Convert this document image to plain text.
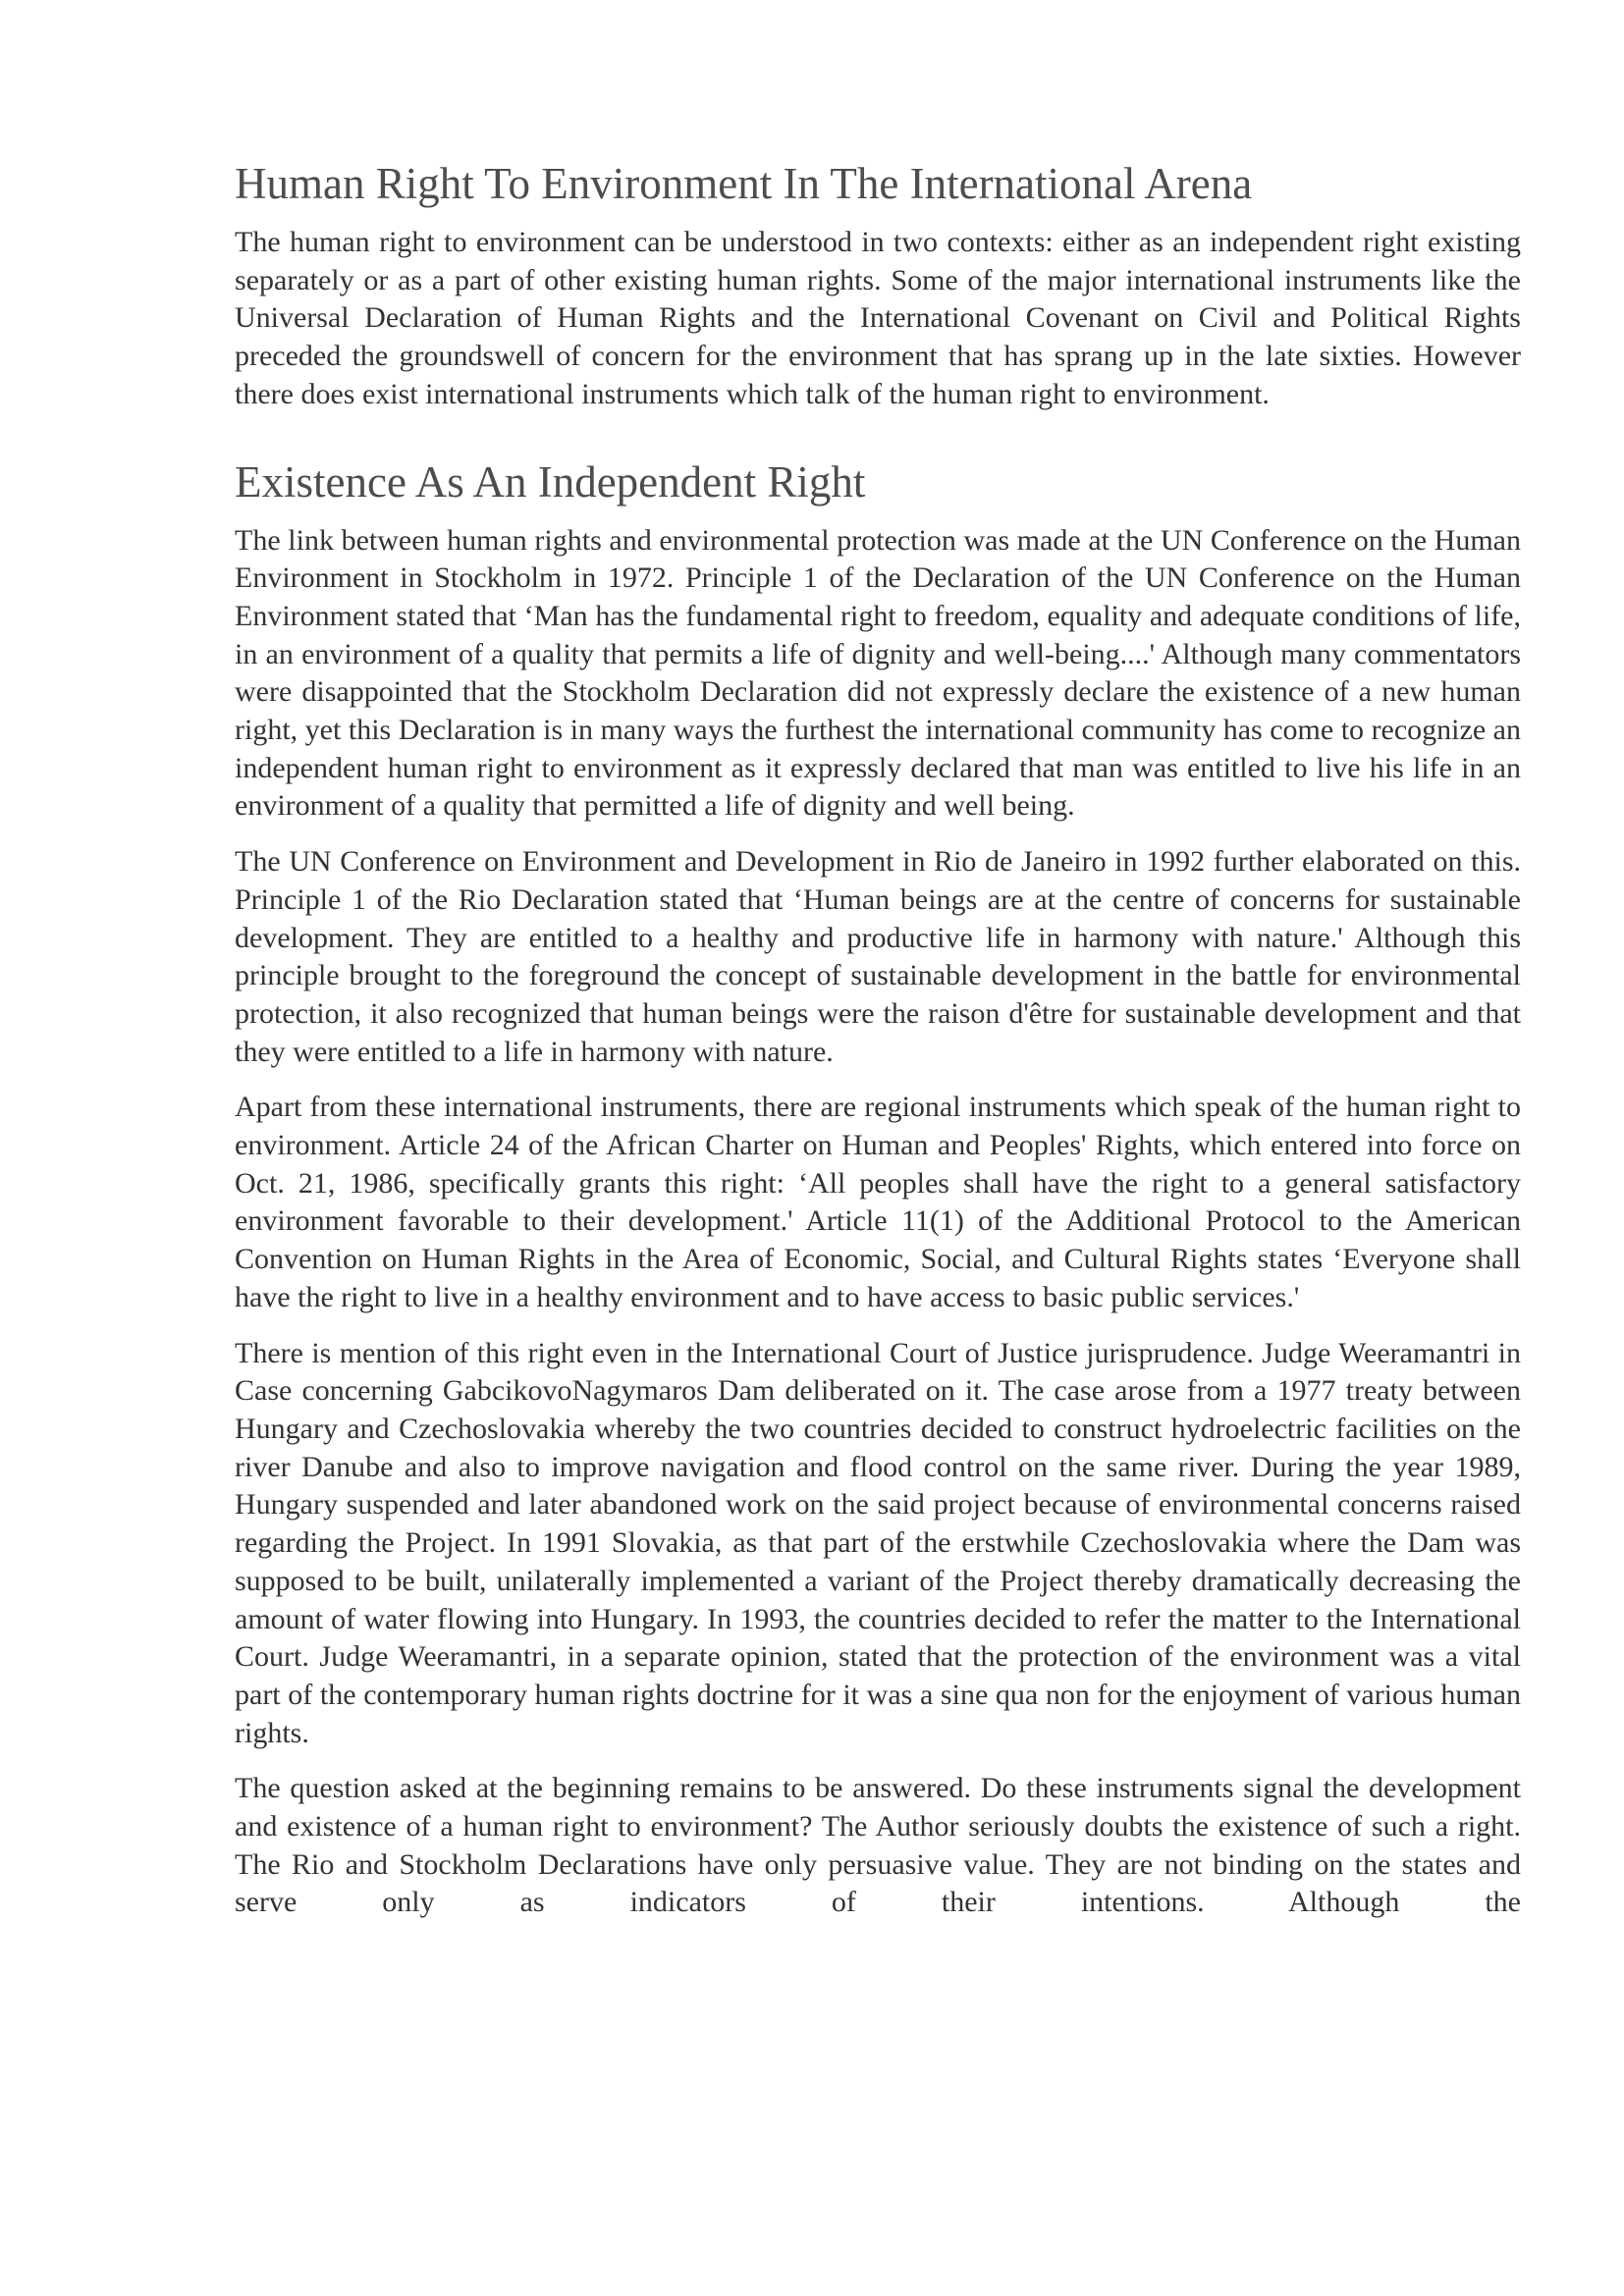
Human Right To Environment In The International Arena

The human right to environment can be understood in two contexts: either as an independent right existing separately or as a part of other existing human rights. Some of the major international instruments like the Universal Declaration of Human Rights and the International Covenant on Civil and Political Rights preceded the groundswell of concern for the environment that has sprang up in the late sixties. However there does exist international instruments which talk of the human right to environment.

Existence As An Independent Right

The link between human rights and environmental protection was made at the UN Conference on the Human Environment in Stockholm in 1972. Principle 1 of the Declaration of the UN Conference on the Human Environment stated that ‘Man has the fundamental right to freedom, equality and adequate conditions of life, in an environment of a quality that permits a life of dignity and well-being....' Although many commentators were disappointed that the Stockholm Declaration did not expressly declare the existence of a new human right, yet this Declaration is in many ways the furthest the international community has come to recognize an independent human right to environment as it expressly declared that man was entitled to live his life in an environment of a quality that permitted a life of dignity and well being.

The UN Conference on Environment and Development in Rio de Janeiro in 1992 further elaborated on this. Principle 1 of the Rio Declaration stated that ‘Human beings are at the centre of concerns for sustainable development. They are entitled to a healthy and productive life in harmony with nature.' Although this principle brought to the foreground the concept of sustainable development in the battle for environmental protection, it also recognized that human beings were the raison d'être for sustainable development and that they were entitled to a life in harmony with nature.

Apart from these international instruments, there are regional instruments which speak of the human right to environment. Article 24 of the African Charter on Human and Peoples' Rights, which entered into force on Oct. 21, 1986, specifically grants this right: ‘All peoples shall have the right to a general satisfactory environment favorable to their development.' Article 11(1) of the Additional Protocol to the American Convention on Human Rights in the Area of Economic, Social, and Cultural Rights states ‘Everyone shall have the right to live in a healthy environment and to have access to basic public services.'

There is mention of this right even in the International Court of Justice jurisprudence. Judge Weeramantri in Case concerning GabcikovoNagymaros Dam deliberated on it. The case arose from a 1977 treaty between Hungary and Czechoslovakia whereby the two countries decided to construct hydroelectric facilities on the river Danube and also to improve navigation and flood control on the same river. During the year 1989, Hungary suspended and later abandoned work on the said project because of environmental concerns raised regarding the Project. In 1991 Slovakia, as that part of the erstwhile Czechoslovakia where the Dam was supposed to be built, unilaterally implemented a variant of the Project thereby dramatically decreasing the amount of water flowing into Hungary. In 1993, the countries decided to refer the matter to the International Court. Judge Weeramantri, in a separate opinion, stated that the protection of the environment was a vital part of the contemporary human rights doctrine for it was a sine qua non for the enjoyment of various human rights.

The question asked at the beginning remains to be answered. Do these instruments signal the development and existence of a human right to environment? The Author seriously doubts the existence of such a right. The Rio and Stockholm Declarations have only persuasive value. They are not binding on the states and serve only as indicators of their intentions. Although the
